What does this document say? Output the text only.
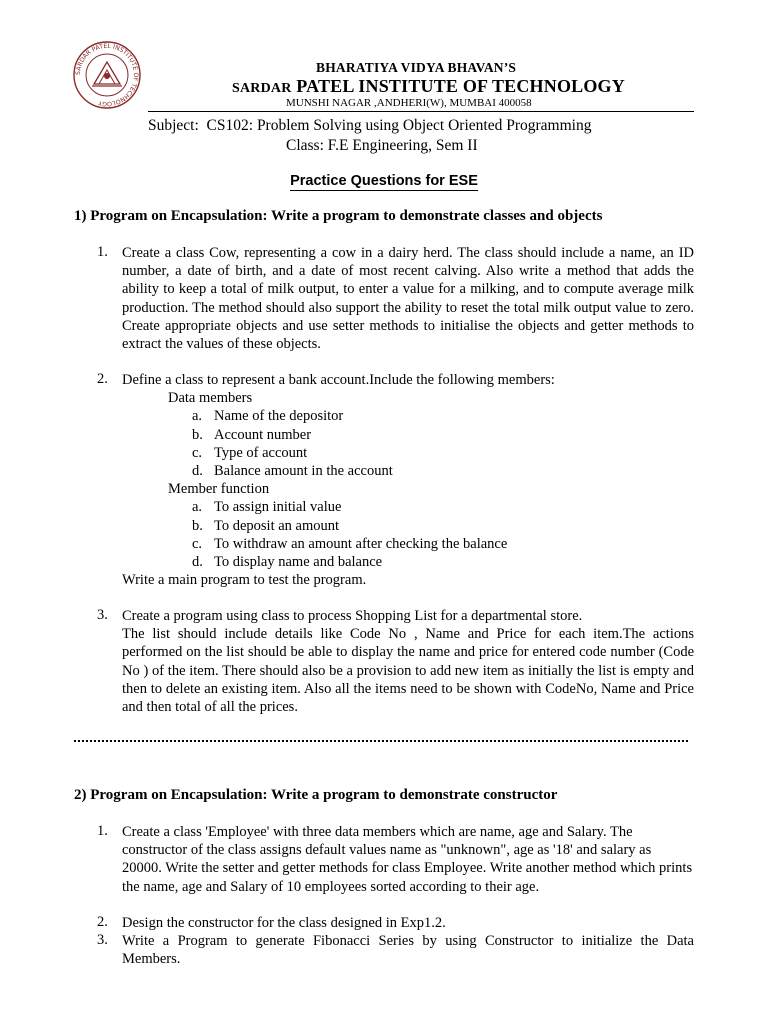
SARDAR PATEL INSTITUTE OF TECHNOLOGY
BHARATIYA VIDYA BHAVAN’S
SARDAR PATEL INSTITUTE OF TECHNOLOGY
MUNSHI NAGAR ,ANDHERI(W), MUMBAI 400058
Subject:  CS102: Problem Solving using Object Oriented Programming
Class: F.E Engineering, Sem II
Practice Questions for ESE
1) Program on Encapsulation: Write a program to demonstrate classes and objects
1. Create a class Cow, representing a cow in a dairy herd. The class should include a name, an ID number, a date of birth, and a date of most recent calving. Also write a method that adds the ability to keep a total of milk output, to enter a value for a milking, and to compute average milk production. The method should also support the ability to reset the total milk output value to zero. Create appropriate objects and use setter methods to initialise the objects and getter methods to extract the values of these objects.
2. Define a class to represent a bank account.Include the following members:

Data members

a. Name of the depositor

b. Account number

c. Type of account

d. Balance amount in the account

Member function

a. To assign initial value

b. To deposit an amount

c. To withdraw an amount after checking the balance

d. To display name and balance

Write a main program to test the program.

3. Create a program using class to process Shopping List for a departmental store.

The list should include details like Code No , Name and Price for each item.The actions performed on the list should be able to display the name and price for entered code number (Code No ) of the item. There should also be a provision to add new item as initially the list is empty and then to delete an existing item. Also all the items need to be shown with CodeNo, Name and Price and then total of all the prices.

2) Program on Encapsulation: Write a program to demonstrate constructor
1. Create a class 'Employee' with three data members which are name, age and Salary. The constructor of the class assigns default values name as "unknown", age as '18' and salary as 20000. Write the setter and getter methods for class Employee. Write another method which prints the name, age and Salary of 10 employees sorted according to their age.
2. Design the constructor for the class designed in Exp1.2.
3. Write a Program to generate Fibonacci Series by using Constructor to initialize the Data Members.
